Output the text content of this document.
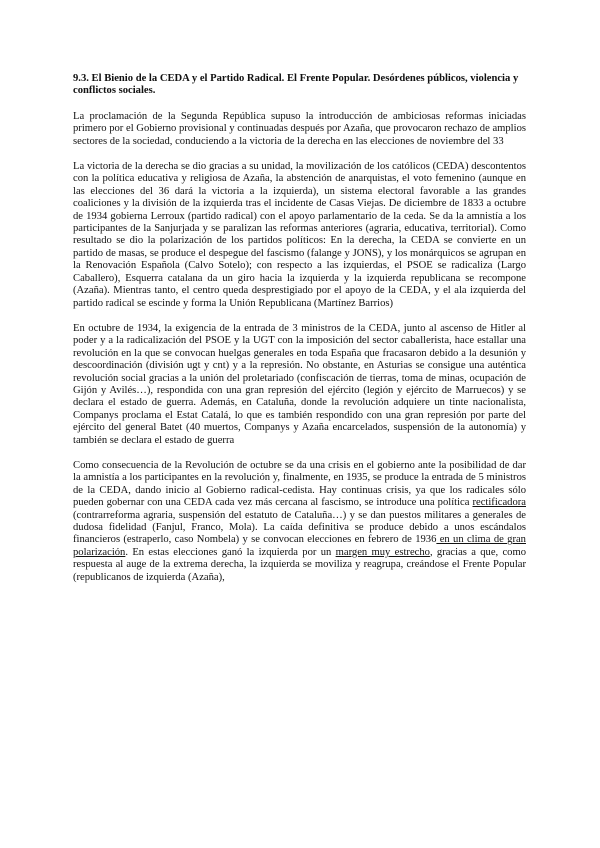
9.3. El Bienio de la CEDA y el Partido Radical. El Frente Popular. Desórdenes públicos, violencia y conflictos sociales.

La proclamación de la Segunda República supuso la introducción de ambiciosas reformas iniciadas primero por el Gobierno provisional y continuadas después por Azaña, que provocaron rechazo de amplios sectores de la sociedad, conduciendo a la victoria de la derecha en las elecciones de noviembre del 33

La victoria de la derecha se dio gracias a su unidad, la movilización de los católicos (CEDA) descontentos con la política educativa y religiosa de Azaña, la abstención de anarquistas, el voto femenino (aunque en las elecciones del 36 dará la victoria a la izquierda), un sistema electoral favorable a las grandes coaliciones y la división de la izquierda tras el incidente de Casas Viejas. De diciembre de 1833 a octubre de 1934 gobierna Lerroux (partido radical) con el apoyo parlamentario de la ceda. Se da la amnistía a los participantes de la Sanjurjada y se paralizan las reformas anteriores (agraria, educativa, territorial). Como resultado se dio la polarización de los partidos políticos: En la derecha, la CEDA se convierte en un partido de masas, se produce el despegue del fascismo (falange y JONS), y los monárquicos se agrupan en la Renovación Española (Calvo Sotelo); con respecto a las izquierdas, el PSOE se radicaliza (Largo Caballero), Esquerra catalana da un giro hacia la izquierda y la izquierda republicana se recompone (Azaña). Mientras tanto, el centro queda desprestigiado por el apoyo de la CEDA, y el ala izquierda del partido radical se escinde y forma la Unión Republicana (Martínez Barrios)

En octubre de 1934, la exigencia de la entrada de 3 ministros de la CEDA, junto al ascenso de Hitler al poder y a la radicalización del PSOE y la UGT con la imposición del sector caballerista, hace estallar una revolución en la que se convocan huelgas generales en toda España que fracasaron debido a la desunión y descoordinación (división ugt y cnt) y a la represión. No obstante, en Asturias se consigue una auténtica revolución social gracias a la unión del proletariado (confiscación de tierras, toma de minas, ocupación de Gijón y Avilés…), respondida con una gran represión del ejército (legión y ejército de Marruecos) y se declara el estado de guerra. Además, en Cataluña, donde la revolución adquiere un tinte nacionalista, Companys proclama el Estat Catalá, lo que es también respondido con una gran represión por parte del ejército del general Batet (40 muertos, Companys y Azaña encarcelados, suspensión de la autonomía) y también se declara el estado de guerra

Como consecuencia de la Revolución de octubre se da una crisis en el gobierno ante la posibilidad de dar la amnistía a los participantes en la revolución y, finalmente, en 1935, se produce la entrada de 5 ministros de la CEDA, dando inicio al Gobierno radical-cedista. Hay continuas crisis, ya que los radicales sólo pueden gobernar con una CEDA cada vez más cercana al fascismo, se introduce una política rectificadora (contrarreforma agraria, suspensión del estatuto de Cataluña…) y se dan puestos militares a generales de dudosa fidelidad (Fanjul, Franco, Mola). La caída definitiva se produce debido a unos escándalos financieros (estraperlo, caso Nombela) y se convocan elecciones en febrero de 1936 en un clima de gran polarización. En estas elecciones ganó la izquierda por un margen muy estrecho, gracias a que, como respuesta al auge de la extrema derecha, la izquierda se moviliza y reagrupa, creándose el Frente Popular (republicanos de izquierda (Azaña),
